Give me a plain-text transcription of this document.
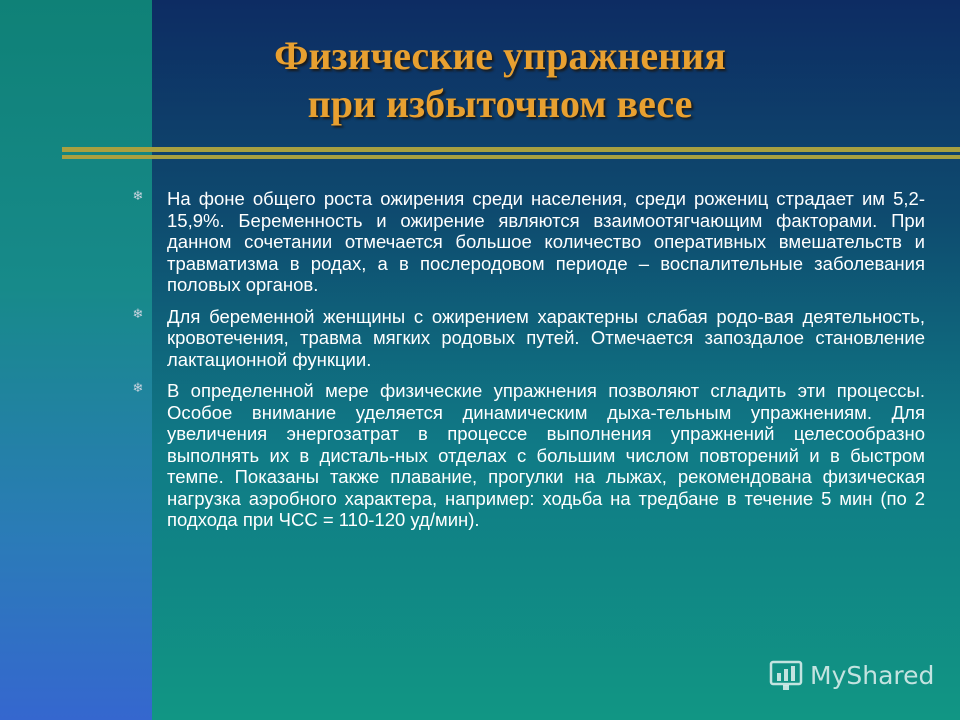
Физические упражнения
при избыточном весе
❄ На фоне общего роста ожирения среди населения, среди рожениц страдает им 5,2-15,9%. Беременность и ожирение являются взаимоотягчающим факторами. При данном сочетании отмечается большое количество оперативных вмешательств и травматизма в родах, а в послеродовом периоде – воспалительные заболевания половых органов.
❄ Для беременной женщины с ожирением характерны слабая родо-вая деятельность, кровотечения, травма мягких родовых путей. Отмечается запоздалое становление лактационной функции.
❄ В определенной мере физические упражнения позволяют сгладить эти процессы. Особое внимание уделяется динамическим дыха-тельным упражнениям. Для увеличения энергозатрат в процессе выполнения упражнений целесообразно выполнять их в дисталь-ных отделах с большим числом повторений и в быстром темпе. Показаны также плавание, прогулки на лыжах, рекомендована физическая нагрузка аэробного характера, например: ходьба на тредбане в течение 5 мин (по 2 подхода при ЧСС = 110-120 уд/мин).
MyShared
